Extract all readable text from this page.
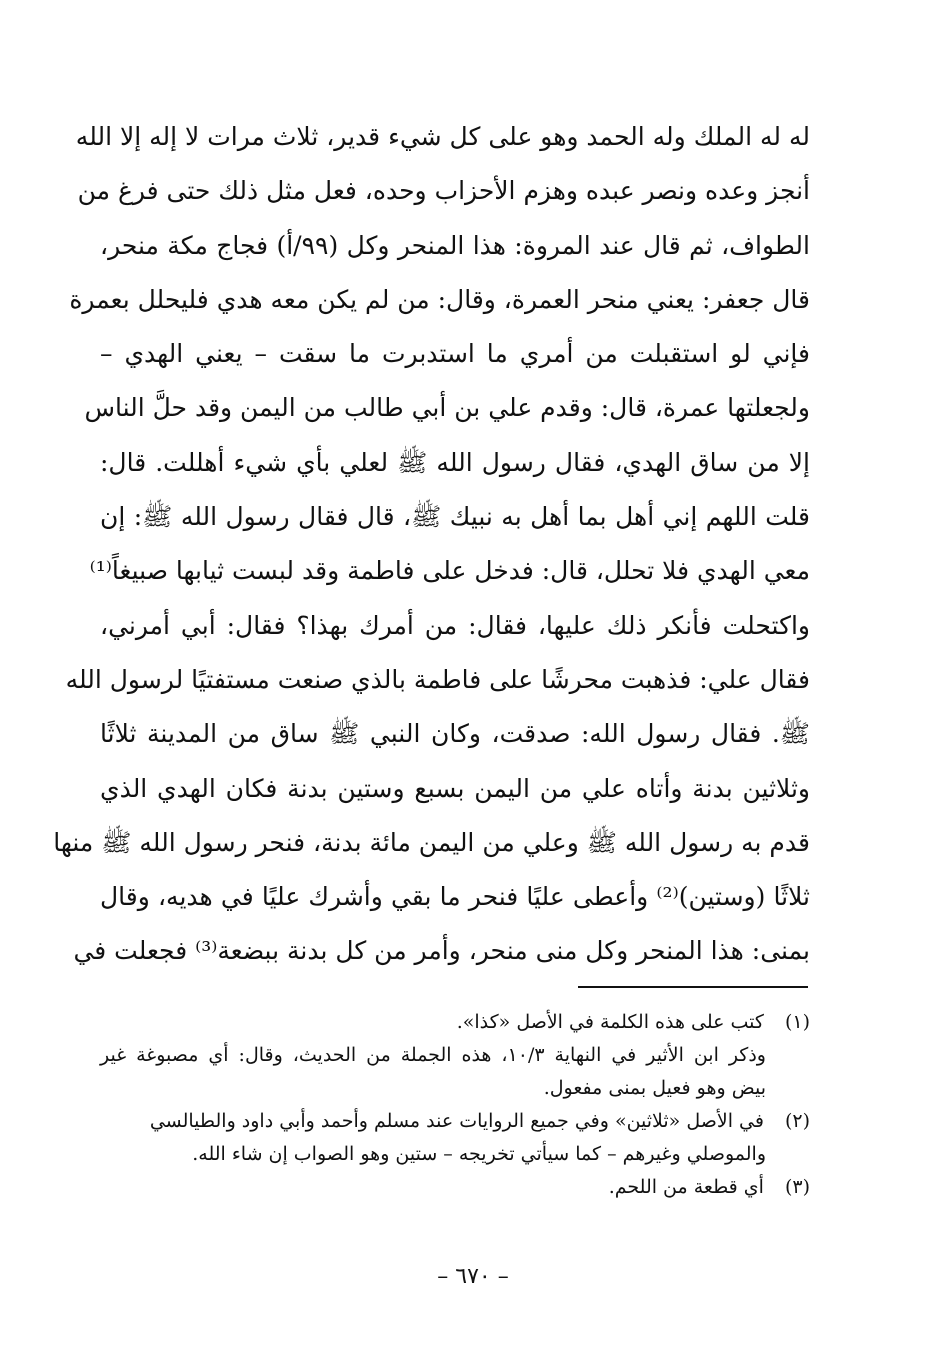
له له الملك وله الحمد وهو على كل شيء قدير، ثلاث مرات لا إله إلا الله
أنجز وعده ونصر عبده وهزم الأحزاب وحده، فعل مثل ذلك حتى فرغ من
الطواف، ثم قال عند المروة: هذا المنحر وكل (٩٩/أ) فجاج مكة منحر،
قال جعفر: يعني منحر العمرة، وقال: من لم يكن معه هدي فليحلل بعمرة
فإني لو استقبلت من أمري ما استدبرت ما سقت – يعني الهدي –
ولجعلتها عمرة، قال: وقدم علي بن أبي طالب من اليمن وقد حلَّ الناس
إلا من ساق الهدي، فقال رسول الله ﷺ لعلي بأي شيء أهللت. قال:
قلت اللهم إني أهل بما أهل به نبيك ﷺ، قال فقال رسول الله ﷺ: إن
معي الهدي فلا تحلل، قال: فدخل على فاطمة وقد لبست ثيابها صبيغاً⁽¹⁾
واكتحلت فأنكر ذلك عليها، فقال: من أمرك بهذا؟ فقال: أبي أمرني،
فقال علي: فذهبت محرشًا على فاطمة بالذي صنعت مستفتيًا لرسول الله
ﷺ. فقال رسول الله: صدقت، وكان النبي ﷺ ساق من المدينة ثلاثًا
وثلاثين بدنة وأتاه علي من اليمن بسبع وستين بدنة فكان الهدي الذي
قدم به رسول الله ﷺ وعلي من اليمن مائة بدنة، فنحر رسول الله ﷺ منها
ثلاثًا (وستين)⁽²⁾ وأعطى عليًا فنحر ما بقي وأشرك عليًا في هديه، وقال
بمنى: هذا المنحر وكل منى منحر، وأمر من كل بدنة ببضعة⁽³⁾ فجعلت في
(١) كتب على هذه الكلمة في الأصل «كذا».
وذكر ابن الأثير في النهاية ١٠/٣، هذه الجملة من الحديث، وقال: أي مصبوغة غير
بيض وهو فعيل بمنى مفعول.
(٢) في الأصل «ثلاثين» وفي جميع الروايات عند مسلم وأحمد وأبي داود والطيالسي
والموصلي وغيرهم – كما سيأتي تخريجه – ستين وهو الصواب إن شاء الله.
(٣) أي قطعة من اللحم.
– ٦٧٠ –
